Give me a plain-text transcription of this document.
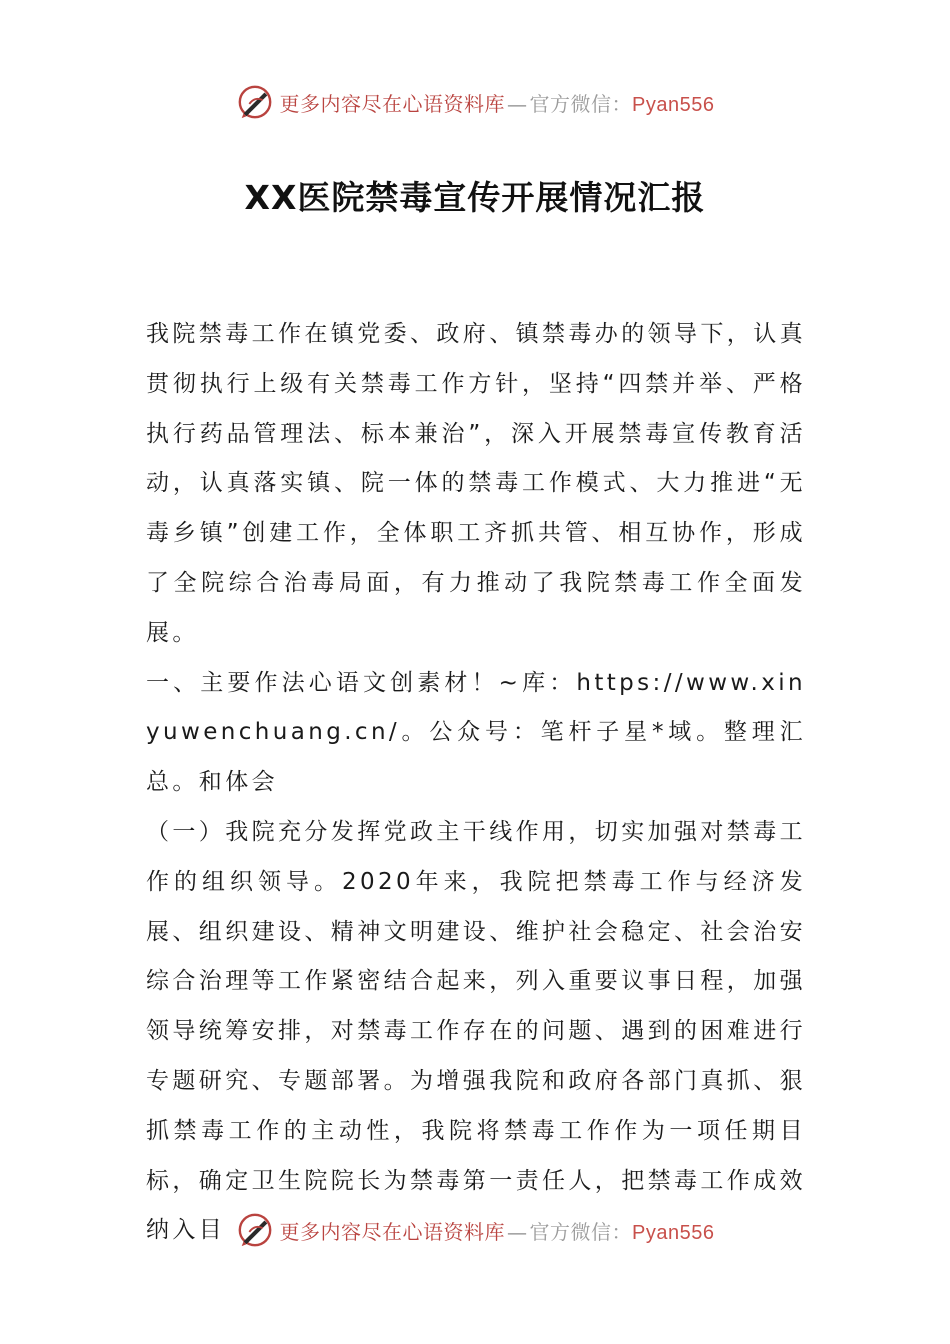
更多内容尽在心语资料库 — 官方微信：Pyan556
XX医院禁毒宣传开展情况汇报

我院禁毒工作在镇党委、政府、镇禁毒办的领导下，认真贯彻执行上级有关禁毒工作方针，坚持“四禁并举、严格执行药品管理法、标本兼治”，深入开展禁毒宣传教育活动，认真落实镇、院一体的禁毒工作模式、大力推进“无毒乡镇”创建工作，全体职工齐抓共管、相互协作，形成了全院综合治毒局面，有力推动了我院禁毒工作全面发展。

一、主要作法心语文创素材！~库：https://www.xinyuwenchuang.cn/。公众号：笔杆子星*域。整理汇总。和体会

（一）我院充分发挥党政主干线作用，切实加强对禁毒工作的组织领导。2020年来，我院把禁毒工作与经济发展、组织建设、精神文明建设、维护社会稳定、社会治安综合治理等工作紧密结合起来，列入重要议事日程，加强领导统筹安排，对禁毒工作存在的问题、遇到的困难进行专题研究、专题部署。为增强我院和政府各部门真抓、狠抓禁毒工作的主动性，我院将禁毒工作作为一项任期目标，确定卫生院院长为禁毒第一责任人，把禁毒工作成效纳入目	更多内容尽在心语资料库 — 官方微信：Pyan556
